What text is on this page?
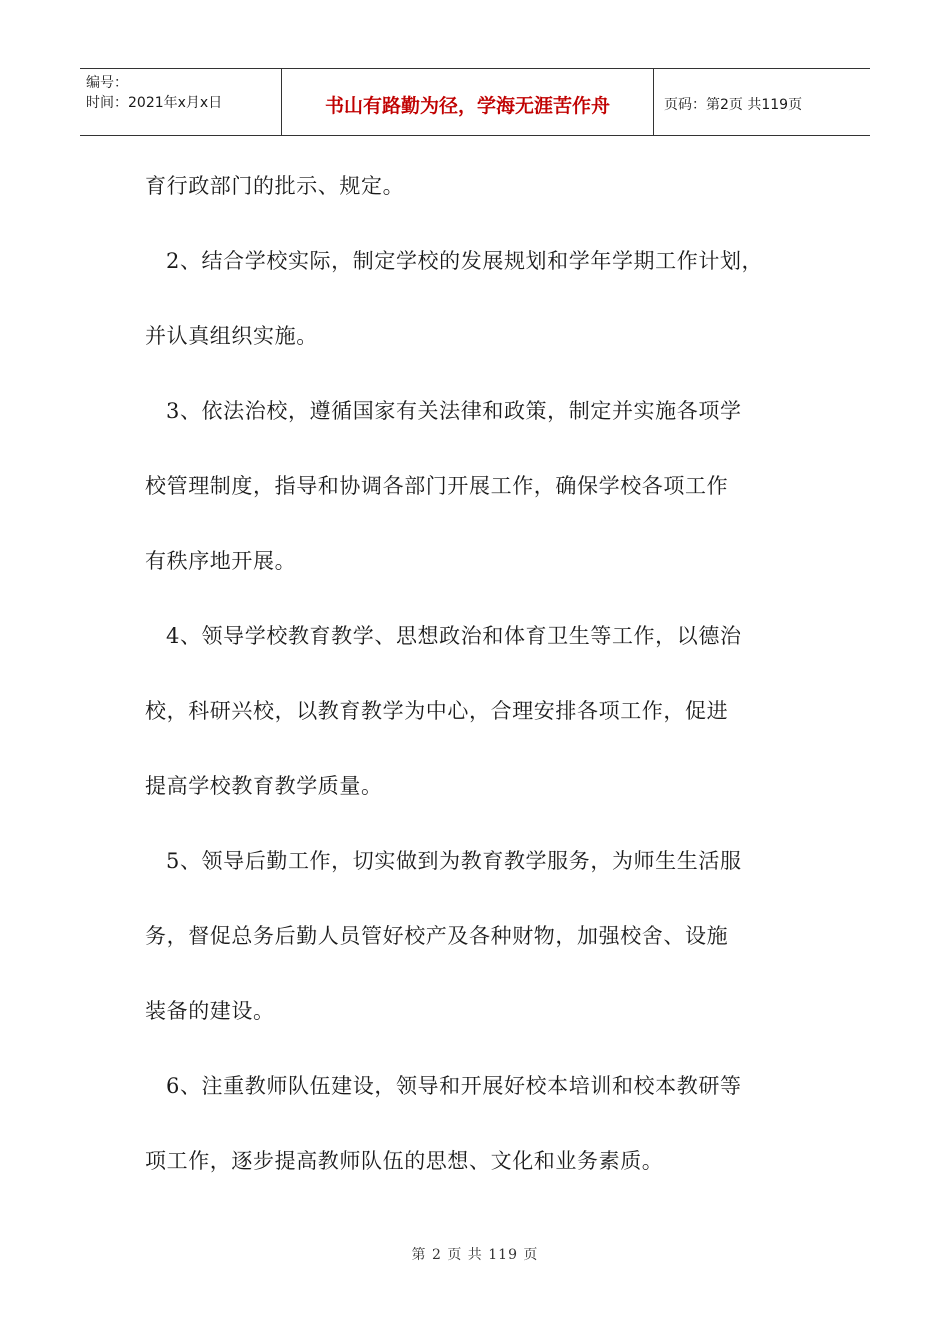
编号：
时间：2021年x月x日	书山有路勤为径，学海无涯苦作舟	页码：第2页 共119页
育行政部门的批示、规定。
2、结合学校实际，制定学校的发展规划和学年学期工作计划，
并认真组织实施。
3、依法治校，遵循国家有关法律和政策，制定并实施各项学
校管理制度，指导和协调各部门开展工作，确保学校各项工作
有秩序地开展。
4、领导学校教育教学、思想政治和体育卫生等工作，以德治
校，科研兴校，以教育教学为中心，合理安排各项工作，促进
提高学校教育教学质量。
5、领导后勤工作，切实做到为教育教学服务，为师生生活服
务，督促总务后勤人员管好校产及各种财物，加强校舍、设施
装备的建设。
6、注重教师队伍建设，领导和开展好校本培训和校本教研等
项工作，逐步提高教师队伍的思想、文化和业务素质。
第 2 页 共 119 页
